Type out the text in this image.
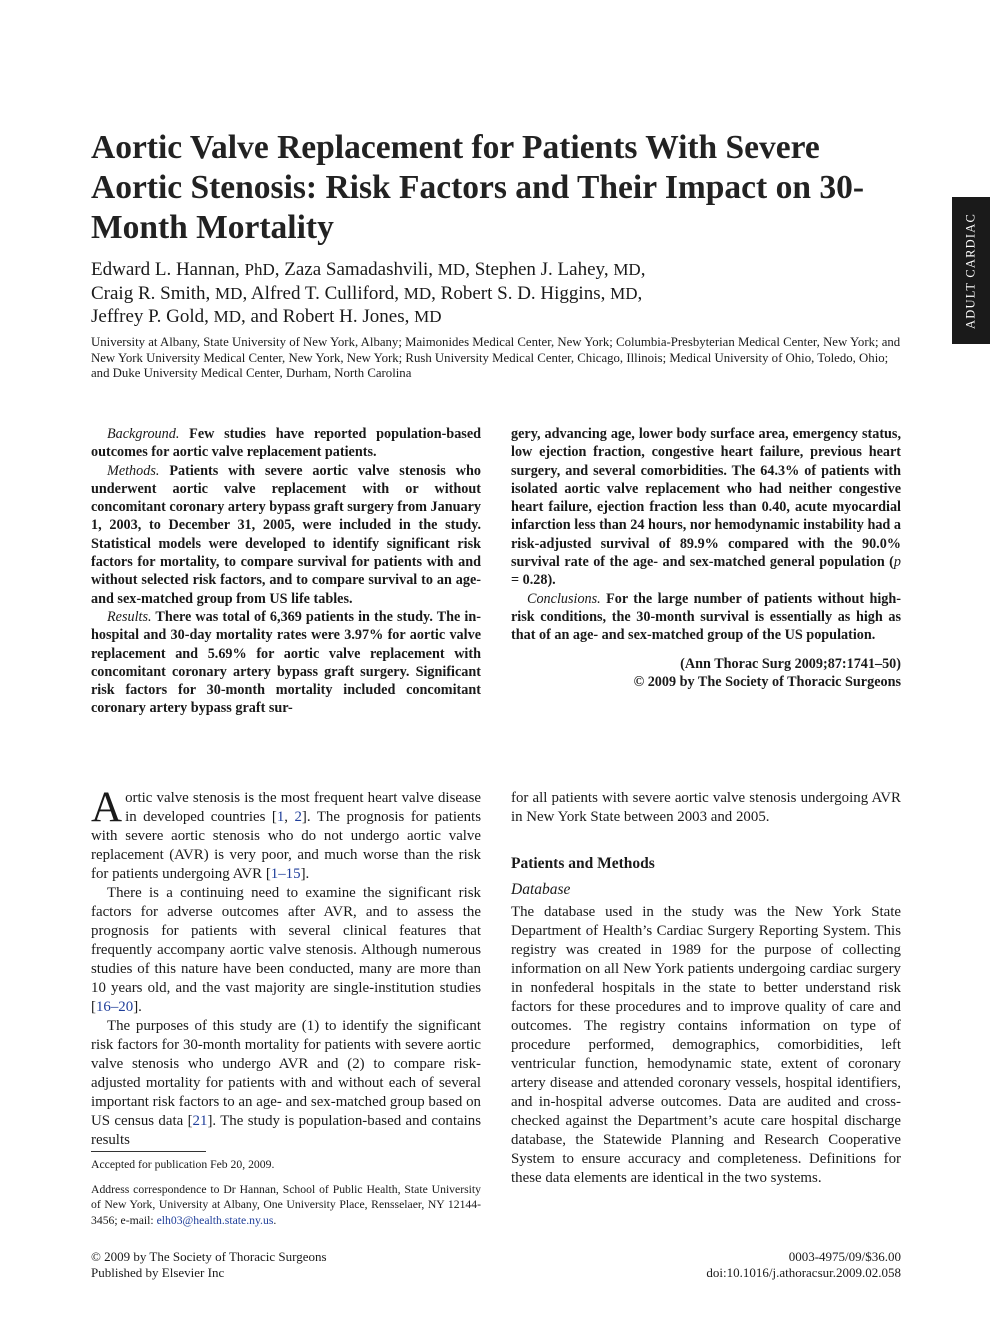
ADULT CARDIAC
Aortic Valve Replacement for Patients With Severe Aortic Stenosis: Risk Factors and Their Impact on 30-Month Mortality
Edward L. Hannan, PhD, Zaza Samadashvili, MD, Stephen J. Lahey, MD,
Craig R. Smith, MD, Alfred T. Culliford, MD, Robert S. D. Higgins, MD,
Jeffrey P. Gold, MD, and Robert H. Jones, MD
University at Albany, State University of New York, Albany; Maimonides Medical Center, New York; Columbia-Presbyterian Medical Center, New York; and New York University Medical Center, New York, New York; Rush University Medical Center, Chicago, Illinois; Medical University of Ohio, Toledo, Ohio; and Duke University Medical Center, Durham, North Carolina

Background. Few studies have reported population-based outcomes for aortic valve replacement patients.

Methods. Patients with severe aortic valve stenosis who underwent aortic valve replacement with or without concomitant coronary artery bypass graft surgery from January 1, 2003, to December 31, 2005, were included in the study. Statistical models were developed to identify significant risk factors for mortality, to compare survival for patients with and without selected risk factors, and to compare survival to an age- and sex-matched group from US life tables.

Results. There was total of 6,369 patients in the study. The in-hospital and 30-day mortality rates were 3.97% for aortic valve replacement and 5.69% for aortic valve replacement with concomitant coronary artery bypass graft surgery. Significant risk factors for 30-month mortality included concomitant coronary artery bypass graft sur-

gery, advancing age, lower body surface area, emergency status, low ejection fraction, congestive heart failure, previous heart surgery, and several comorbidities. The 64.3% of patients with isolated aortic valve replacement who had neither congestive heart failure, ejection fraction less than 0.40, acute myocardial infarction less than 24 hours, nor hemodynamic instability had a risk-adjusted survival of 89.9% compared with the 90.0% survival rate of the age- and sex-matched general population (p = 0.28).

Conclusions. For the large number of patients without high-risk conditions, the 30-month survival is essentially as high as that of an age- and sex-matched group of the US population.

(Ann Thorac Surg 2009;87:1741–50)

© 2009 by The Society of Thoracic Surgeons

Aortic valve stenosis is the most frequent heart valve disease in developed countries [1, 2]. The prognosis for patients with severe aortic stenosis who do not undergo aortic valve replacement (AVR) is very poor, and much worse than the risk for patients undergoing AVR [1–15].

There is a continuing need to examine the significant risk factors for adverse outcomes after AVR, and to assess the prognosis for patients with several clinical features that frequently accompany aortic valve stenosis. Although numerous studies of this nature have been conducted, many are more than 10 years old, and the vast majority are single-institution studies [16–20].

The purposes of this study are (1) to identify the significant risk factors for 30-month mortality for patients with severe aortic valve stenosis who undergo AVR and (2) to compare risk-adjusted mortality for patients with and without each of several important risk factors to an age- and sex-matched group based on US census data [21]. The study is population-based and contains results

for all patients with severe aortic valve stenosis undergoing AVR in New York State between 2003 and 2005.

Patients and Methods
Database

The database used in the study was the New York State Department of Health’s Cardiac Surgery Reporting System. This registry was created in 1989 for the purpose of collecting information on all New York patients undergoing cardiac surgery in nonfederal hospitals in the state to better understand risk factors for these procedures and to improve quality of care and outcomes. The registry contains information on type of procedure performed, demographics, comorbidities, left ventricular function, hemodynamic state, extent of coronary artery disease and attended coronary vessels, hospital identifiers, and in-hospital adverse outcomes. Data are audited and cross-checked against the Department’s acute care hospital discharge database, the Statewide Planning and Research Cooperative System to ensure accuracy and completeness. Definitions for these data elements are identical in the two systems.

Accepted for publication Feb 20, 2009.

Address correspondence to Dr Hannan, School of Public Health, State University of New York, University at Albany, One University Place, Rensselaer, NY 12144-3456; e-mail: elh03@health.state.ny.us.

© 2009 by The Society of Thoracic Surgeons
Published by Elsevier Inc
0003-4975/09/$36.00
doi:10.1016/j.athoracsur.2009.02.058
